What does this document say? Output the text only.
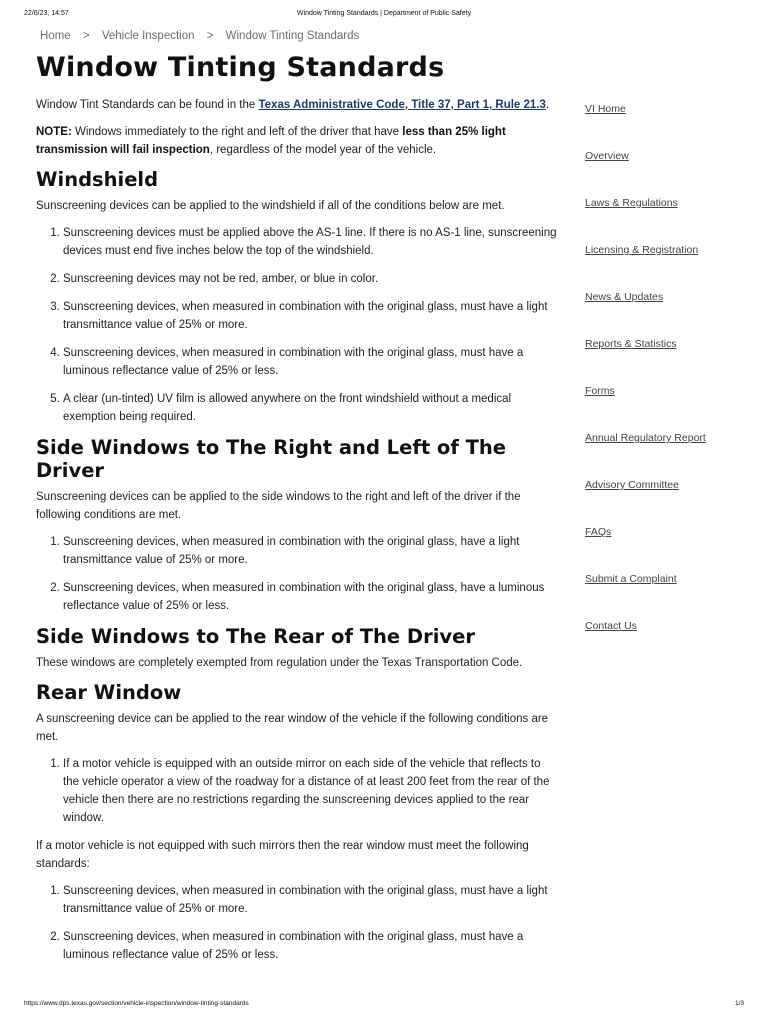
22/6/23, 14:57	Window Tinting Standards | Department of Public Safety
Home > Vehicle Inspection > Window Tinting Standards
Window Tinting Standards

Window Tint Standards can be found in the Texas Administrative Code, Title 37, Part 1, Rule 21.3.

NOTE: Windows immediately to the right and left of the driver that have less than 25% light transmission will fail inspection, regardless of the model year of the vehicle.

Windshield

Sunscreening devices can be applied to the windshield if all of the conditions below are met.

1. Sunscreening devices must be applied above the AS-1 line. If there is no AS-1 line, sunscreening devices must end five inches below the top of the windshield.
2. Sunscreening devices may not be red, amber, or blue in color.
3. Sunscreening devices, when measured in combination with the original glass, must have a light transmittance value of 25% or more.
4. Sunscreening devices, when measured in combination with the original glass, must have a luminous reflectance value of 25% or less.
5. A clear (un-tinted) UV film is allowed anywhere on the front windshield without a medical exemption being required.
Side Windows to The Right and Left of The Driver

Sunscreening devices can be applied to the side windows to the right and left of the driver if the following conditions are met.

1. Sunscreening devices, when measured in combination with the original glass, have a light transmittance value of 25% or more.
2. Sunscreening devices, when measured in combination with the original glass, have a luminous reflectance value of 25% or less.
Side Windows to The Rear of The Driver

These windows are completely exempted from regulation under the Texas Transportation Code.

Rear Window

A sunscreening device can be applied to the rear window of the vehicle if the following conditions are met.

1. If a motor vehicle is equipped with an outside mirror on each side of the vehicle that reflects to the vehicle operator a view of the roadway for a distance of at least 200 feet from the rear of the vehicle then there are no restrictions regarding the sunscreening devices applied to the rear window.

If a motor vehicle is not equipped with such mirrors then the rear window must meet the following standards:

1. Sunscreening devices, when measured in combination with the original glass, must have a light transmittance value of 25% or more.
2. Sunscreening devices, when measured in combination with the original glass, must have a luminous reflectance value of 25% or less.
VI Home
Overview
Laws & Regulations
Licensing & Registration
News & Updates
Reports & Statistics
Forms
Annual Regulatory Report
Advisory Committee
FAQs
Submit a Complaint
Contact Us
https://www.dps.texas.gov/section/vehicle-inspection/window-tinting-standards	1/3
